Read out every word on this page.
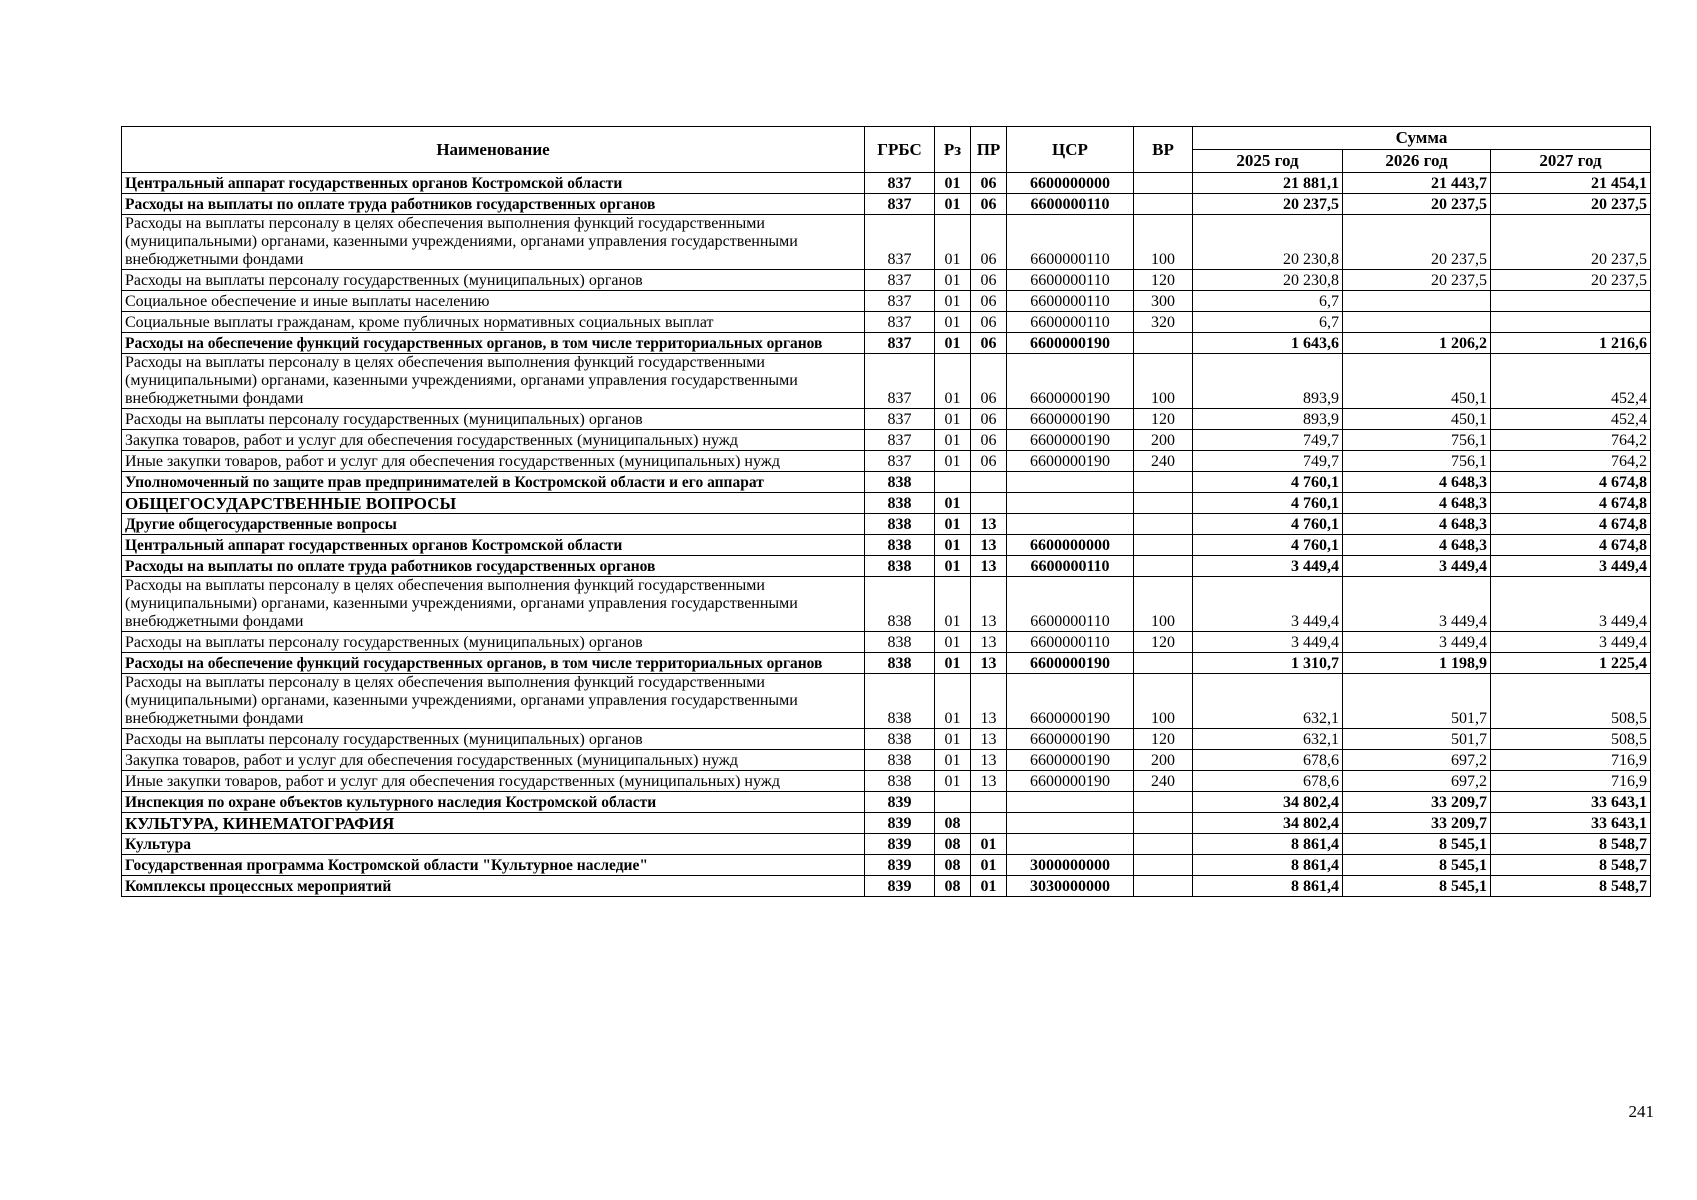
Наименование	ГРБС	Рз	ПР	ЦСР	ВР	Сумма		
						2025 год	2026 год	2027 год
Центральный аппарат государственных органов Костромской области	837	01	06	6600000000		21 881,1	21 443,7	21 454,1
Расходы на выплаты по оплате труда работников государственных органов	837	01	06	6600000110		20 237,5	20 237,5	20 237,5
Расходы на выплаты персоналу в целях обеспечения выполнения функций государственными (муниципальными) органами, казенными учреждениями, органами управления государственными внебюджетными фондами	837	01	06	6600000110	100	20 230,8	20 237,5	20 237,5
Расходы на выплаты персоналу государственных (муниципальных) органов	837	01	06	6600000110	120	20 230,8	20 237,5	20 237,5
Социальное обеспечение и иные выплаты населению	837	01	06	6600000110	300	6,7		
Социальные выплаты гражданам, кроме публичных нормативных социальных выплат	837	01	06	6600000110	320	6,7		
Расходы на обеспечение функций государственных органов, в том числе территориальных органов	837	01	06	6600000190		1 643,6	1 206,2	1 216,6
Расходы на выплаты персоналу в целях обеспечения выполнения функций государственными (муниципальными) органами, казенными учреждениями, органами управления государственными внебюджетными фондами	837	01	06	6600000190	100	893,9	450,1	452,4
Расходы на выплаты персоналу государственных (муниципальных) органов	837	01	06	6600000190	120	893,9	450,1	452,4
Закупка товаров, работ и услуг для обеспечения государственных (муниципальных) нужд	837	01	06	6600000190	200	749,7	756,1	764,2
Иные закупки товаров, работ и услуг для обеспечения государственных (муниципальных) нужд	837	01	06	6600000190	240	749,7	756,1	764,2
Уполномоченный по защите прав предпринимателей в Костромской области и его аппарат	838					4 760,1	4 648,3	4 674,8
ОБЩЕГОСУДАРСТВЕННЫЕ ВОПРОСЫ	838	01				4 760,1	4 648,3	4 674,8
Другие общегосударственные вопросы	838	01	13			4 760,1	4 648,3	4 674,8
Центральный аппарат государственных органов Костромской области	838	01	13	6600000000		4 760,1	4 648,3	4 674,8
Расходы на выплаты по оплате труда работников государственных органов	838	01	13	6600000110		3 449,4	3 449,4	3 449,4
Расходы на выплаты персоналу в целях обеспечения выполнения функций государственными (муниципальными) органами, казенными учреждениями, органами управления государственными внебюджетными фондами	838	01	13	6600000110	100	3 449,4	3 449,4	3 449,4
Расходы на выплаты персоналу государственных (муниципальных) органов	838	01	13	6600000110	120	3 449,4	3 449,4	3 449,4
Расходы на обеспечение функций государственных органов, в том числе территориальных органов	838	01	13	6600000190		1 310,7	1 198,9	1 225,4
Расходы на выплаты персоналу в целях обеспечения выполнения функций государственными (муниципальными) органами, казенными учреждениями, органами управления государственными внебюджетными фондами	838	01	13	6600000190	100	632,1	501,7	508,5
Расходы на выплаты персоналу государственных (муниципальных) органов	838	01	13	6600000190	120	632,1	501,7	508,5
Закупка товаров, работ и услуг для обеспечения государственных (муниципальных) нужд	838	01	13	6600000190	200	678,6	697,2	716,9
Иные закупки товаров, работ и услуг для обеспечения государственных (муниципальных) нужд	838	01	13	6600000190	240	678,6	697,2	716,9
Инспекция по охране объектов культурного наследия Костромской области	839					34 802,4	33 209,7	33 643,1
КУЛЬТУРА, КИНЕМАТОГРАФИЯ	839	08				34 802,4	33 209,7	33 643,1
Культура	839	08	01			8 861,4	8 545,1	8 548,7
Государственная программа Костромской области "Культурное наследие"	839	08	01	3000000000		8 861,4	8 545,1	8 548,7
Комплексы процессных мероприятий	839	08	01	3030000000		8 861,4	8 545,1	8 548,7
241
